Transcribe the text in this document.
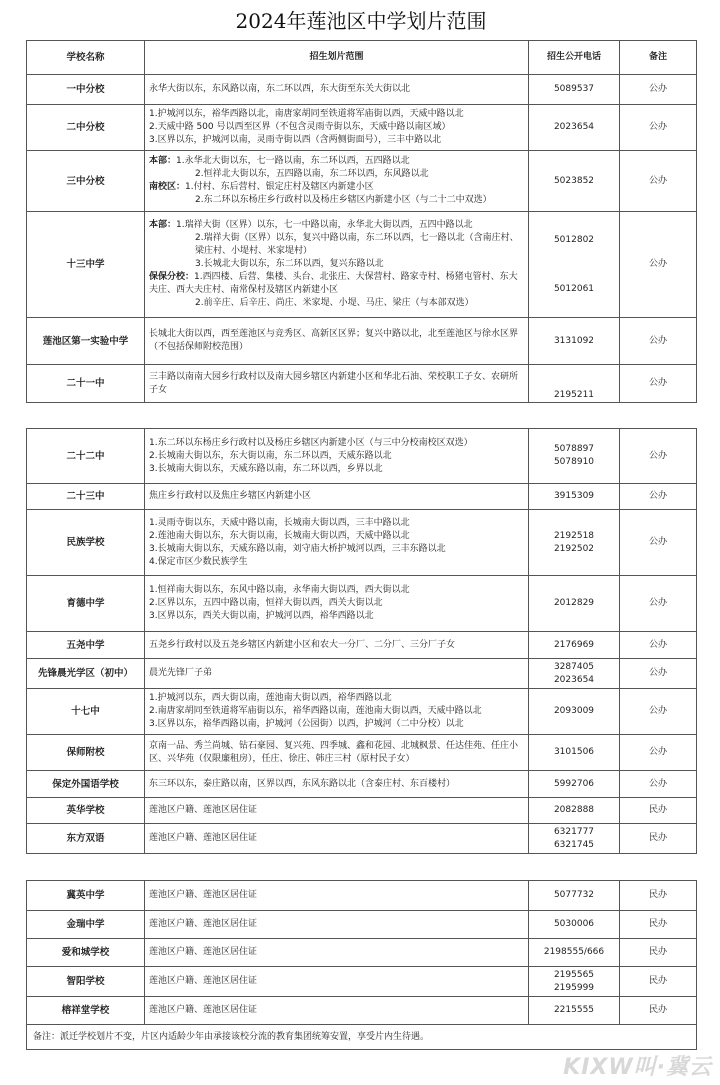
2024年莲池区中学划片范围
学校名称	招生划片范围	招生公开电话	备注
一中分校	永华大街以东，东风路以南，东二环以西，东大街至东关大街以北	5089537	公办
二中分校	1.护城河以东，裕华西路以北，南唐家胡同至铁道将军庙街以西，天威中路以北
2.天威中路 500 号以西至区界（不包含灵雨寺街以东，天威中路以南区域）
3.区界以东，护城河以南，灵雨寺街以西（含两侧街面号），三丰中路以北	2023654	公办
三中分校	本部：1.永华北大街以东，七一路以南，东二环以西，五四路以北
2.恒祥北大街以东，五四路以南，东二环以西，东风路以北
南校区：1.付村、东后营村、银定庄村及辖区内新建小区
2.东二环以东杨庄乡行政村以及杨庄乡辖区内新建小区（与二十二中双选）	5023852	公办
十三中学	本部：1.瑞祥大街（区界）以东，七一中路以南，永华北大街以西，五四中路以北
2.瑞祥大街（区界）以东，复兴中路以南，东二环以西，七一路以北（含南庄村、梁庄村、小堤村、米家堤村）
3.长城北大街以东，东二环以西，复兴东路以北
保保分校：1.西四楼、后营、集楼、头台、北张庄、大保营村、路家寺村、杨猪屯管村、东大夫庄、西大夫庄村、南常保村及辖区内新建小区
2.前辛庄、后辛庄、尚庄、米家堤、小堤、马庄、梁庄（与本部双选）	5012802
5012061	公办
莲池区第一实验中学	长城北大街以西，西至莲池区与竞秀区、高新区区界；复兴中路以北，北至莲池区与徐水区界（不包括保师附校范围）	3131092	公办
二十一中	三丰路以南南大园乡行政村以及南大园乡辖区内新建小区和华北石油、荣校职工子女、农研所子女	2195211	公办
二十二中	1.东二环以东杨庄乡行政村以及杨庄乡辖区内新建小区（与三中分校南校区双选）
2.长城南大街以东，东大街以南，东二环以西，天威东路以北
3.长城南大街以东，天威东路以南，东二环以西，乡界以北	5078897
5078910	公办
二十三中	焦庄乡行政村以及焦庄乡辖区内新建小区	3915309	公办
民族学校	1.灵雨寺街以东，天威中路以南，长城南大街以西，三丰中路以北
2.莲池南大街以东，东大街以南，长城南大街以西，天威中路以北
3.长城南大街以东，天威东路以南，刘守庙大桥护城河以西，三丰东路以北
4.保定市区少数民族学生	2192518
2192502	公办
育德中学	1.恒祥南大街以东，东风中路以南，永华南大街以西，西大街以北
2.区界以东，五四中路以南，恒祥大街以西，西关大街以北
3.区界以东，西关大街以南，护城河以西，裕华西路以北	2012829	公办
五尧中学	五尧乡行政村以及五尧乡辖区内新建小区和农大一分厂、二分厂、三分厂子女	2176969	公办
先锋晨光学区（初中）	晨光先锋厂子弟	3287405
2023654	公办
十七中	1.护城河以东，西大街以南，莲池南大街以西，裕华西路以北
2.南唐家胡同至铁道将军庙街以东，裕华西路以南，莲池南大街以西，天威中路以北
3.区界以东，裕华西路以南，护城河（公园街）以西，护城河（二中分校）以北	2093009	公办
保师附校	京南一品、秀兰尚城、钻石豪园、复兴苑、四季城、鑫和花园、北城枫景、任达佳苑、任庄小区、兴华苑（仅限廉租房），任庄、徐庄、韩庄三村（原村民子女）	3101506	公办
保定外国语学校	东三环以东，泰庄路以南，区界以西，东风东路以北（含泰庄村、东百楼村）	5992706	公办
英华学校	莲池区户籍、莲池区居住证	2082888	民办
东方双语	莲池区户籍、莲池区居住证	6321777
6321745	民办
冀英中学	莲池区户籍、莲池区居住证	5077732	民办
金瑞中学	莲池区户籍、莲池区居住证	5030006	民办
爱和城学校	莲池区户籍、莲池区居住证	2198555/666	民办
智阳学校	莲池区户籍、莲池区居住证	2195565
2195999	民办
榕祥堂学校	莲池区户籍、莲池区居住证	2215555	民办
备注：派迁学校划片不变，片区内适龄少年由承接该校分流的教育集团统筹安置，享受片内生待遇。			
KIXW叫·冀云
